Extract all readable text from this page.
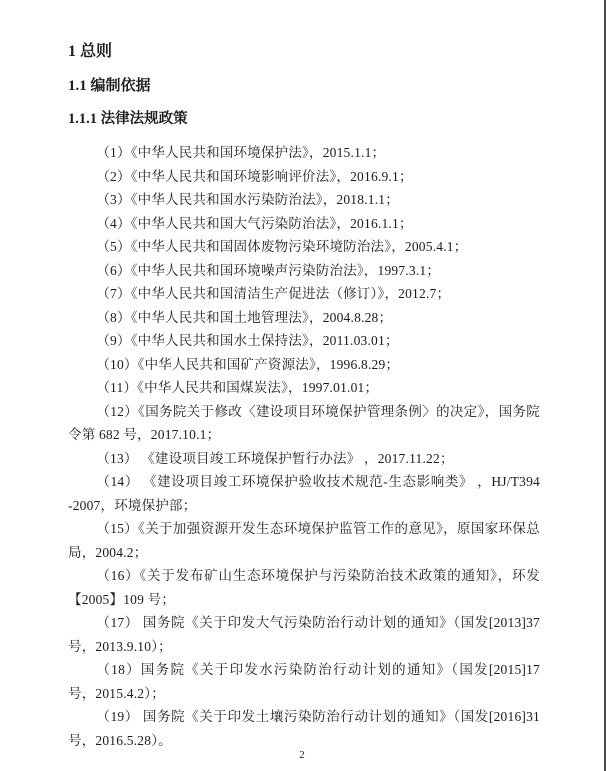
1 总则
1.1 编制依据
1.1.1 法律法规政策

（1）《中华人民共和国环境保护法》，2015.1.1；

（2）《中华人民共和国环境影响评价法》，2016.9.1；

（3）《中华人民共和国水污染防治法》，2018.1.1；

（4）《中华人民共和国大气污染防治法》，2016.1.1；

（5）《中华人民共和国固体废物污染环境防治法》，2005.4.1；

（6）《中华人民共和国环境噪声污染防治法》，1997.3.1；

（7）《中华人民共和国清洁生产促进法（修订）》，2012.7；

（8）《中华人民共和国土地管理法》，2004.8.28；

（9）《中华人民共和国水土保持法》，2011.03.01；

（10）《中华人民共和国矿产资源法》，1996.8.29；

（11）《中华人民共和国煤炭法》，1997.01.01；

（12）《国务院关于修改〈建设项目环境保护管理条例〉的决定》，国务院令第 682 号，2017.10.1；

（13） 《建设项目竣工环境保护暂行办法》 ，2017.11.22；

（14） 《建设项目竣工环境保护验收技术规范-生态影响类》 ，HJ/T394 -2007，环境保护部；

（15）《关于加强资源开发生态环境保护监管工作的意见》，原国家环保总局，2004.2；

（16）《关于发布矿山生态环境保护与污染防治技术政策的通知》，环发【2005】109 号；

（17） 国务院《关于印发大气污染防治行动计划的通知》（国发[2013]37 号，2013.9.10）；

（18）国务院《关于印发水污染防治行动计划的通知》（国发[2015]17 号，2015.4.2）；

（19） 国务院《关于印发土壤污染防治行动计划的通知》（国发[2016]31 号，2016.5.28）。

2
